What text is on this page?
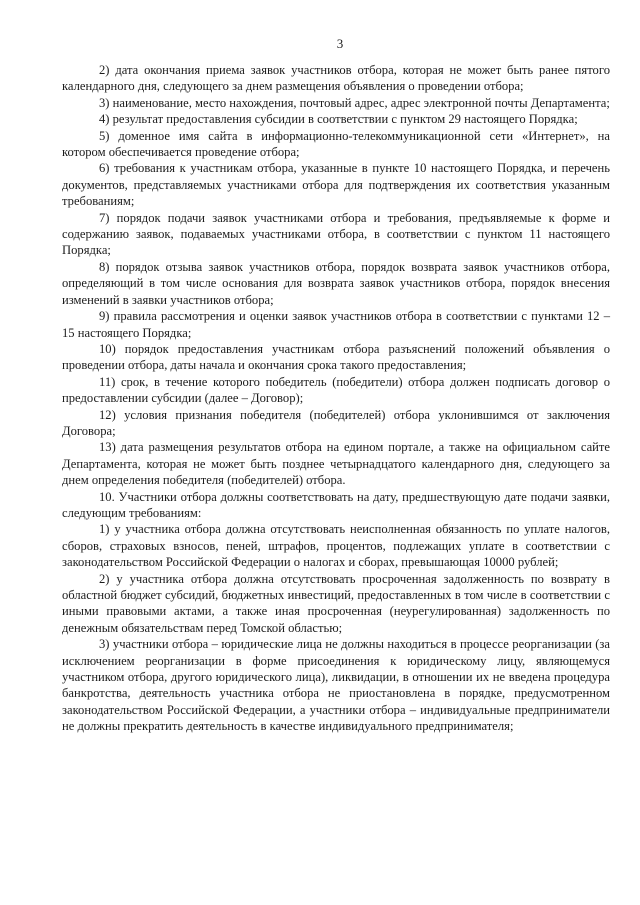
3

2) дата окончания приема заявок участников отбора, которая не может быть ранее пятого календарного дня, следующего за днем размещения объявления о проведении отбора;

3) наименование, место нахождения, почтовый адрес, адрес электронной почты Департамента;

4) результат предоставления субсидии в соответствии с пунктом 29 настоящего Порядка;

5) доменное имя сайта в информационно-телекоммуникационной сети «Интернет», на котором обеспечивается проведение отбора;

6) требования к участникам отбора, указанные в пункте 10 настоящего Порядка, и перечень документов, представляемых участниками отбора для подтверждения их соответствия указанным требованиям;

7) порядок подачи заявок участниками отбора и требования, предъявляемые к форме и содержанию заявок, подаваемых участниками отбора, в соответствии с пунктом 11 настоящего Порядка;

8) порядок отзыва заявок участников отбора, порядок возврата заявок участников отбора, определяющий в том числе основания для возврата заявок участников отбора, порядок внесения изменений в заявки участников отбора;

9) правила рассмотрения и оценки заявок участников отбора в соответствии с пунктами 12 – 15 настоящего Порядка;

10) порядок предоставления участникам отбора разъяснений положений объявления о проведении отбора, даты начала и окончания срока такого предоставления;

11) срок, в течение которого победитель (победители) отбора должен подписать договор о предоставлении субсидии (далее – Договор);

12) условия признания победителя (победителей) отбора уклонившимся от заключения Договора;

13) дата размещения результатов отбора на едином портале, а также на официальном сайте Департамента, которая не может быть позднее четырнадцатого календарного дня, следующего за днем определения победителя (победителей) отбора.

10. Участники отбора должны соответствовать на дату, предшествующую дате подачи заявки, следующим требованиям:

1) у участника отбора должна отсутствовать неисполненная обязанность по уплате налогов, сборов, страховых взносов, пеней, штрафов, процентов, подлежащих уплате в соответствии с законодательством Российской Федерации о налогах и сборах, превышающая 10000 рублей;

2) у участника отбора должна отсутствовать просроченная задолженность по возврату в областной бюджет субсидий, бюджетных инвестиций, предоставленных в том числе в соответствии с иными правовыми актами, а также иная просроченная (неурегулированная) задолженность по денежным обязательствам перед Томской областью;

3) участники отбора – юридические лица не должны находиться в процессе реорганизации (за исключением реорганизации в форме присоединения к юридическому лицу, являющемуся участником отбора, другого юридического лица), ликвидации, в отношении их не введена процедура банкротства, деятельность участника отбора не приостановлена в порядке, предусмотренном законодательством Российской Федерации, а участники отбора – индивидуальные предприниматели не должны прекратить деятельность в качестве индивидуального предпринимателя;
